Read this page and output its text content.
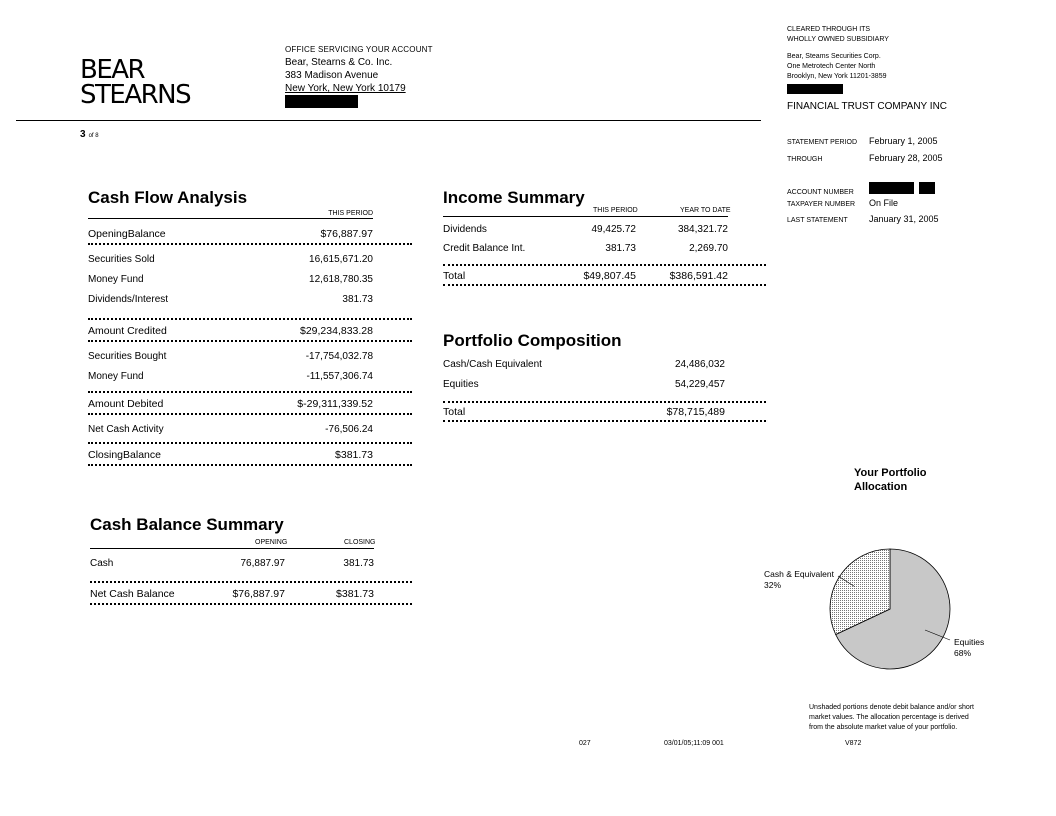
BEAR
STEARNS
OFFICE SERVICING YOUR ACCOUNT
Bear, Stearns & Co. Inc.
383 Madison Avenue
New York, New York 10179
3 of 8
CLEARED THROUGH ITS
WHOLLY OWNED SUBSIDIARY
Bear, Steams Securities Corp.
One Metrotech Center North
Brooklyn, New York 11201-3859
FINANCIAL TRUST COMPANY INC
STATEMENT PERIOD	February 1, 2005
THROUGH	February 28, 2005
ACCOUNT NUMBER
TAXPAYER NUMBER	On File
LAST STATEMENT	January 31, 2005
Cash Flow Analysis
THIS PERIOD
OpeningBalance	$76,887.97
Securities Sold	16,615,671.20
Money Fund	12,618,780.35
Dividends/Interest	381.73
Amount Credited	$29,234,833.28
Securities Bought	-17,754,032.78
Money Fund	-11,557,306.74
Amount Debited	$-29,311,339.52
Net Cash Activity	-76,506.24
ClosingBalance	$381.73
Income Summary
THIS PERIOD	YEAR TO DATE
Dividends	49,425.72	384,321.72
Credit Balance Int.	381.73	2,269.70
Total	$49,807.45	$386,591.42
Portfolio Composition
Cash/Cash Equivalent	24,486,032
Equities	54,229,457
Total	$78,715,489
Cash Balance Summary
OPENING	CLOSING
Cash	76,887.97	381.73
Net Cash Balance	$76,887.97	$381.73
Your Portfolio
Allocation
Cash & Equivalent
32%
Equities
68%
Unshaded portions denote debit balance and/or short
market values. The allocation percentage is derived
from the absolute market value of your portfolio.
027	03/01/05;11:09 001	V872
